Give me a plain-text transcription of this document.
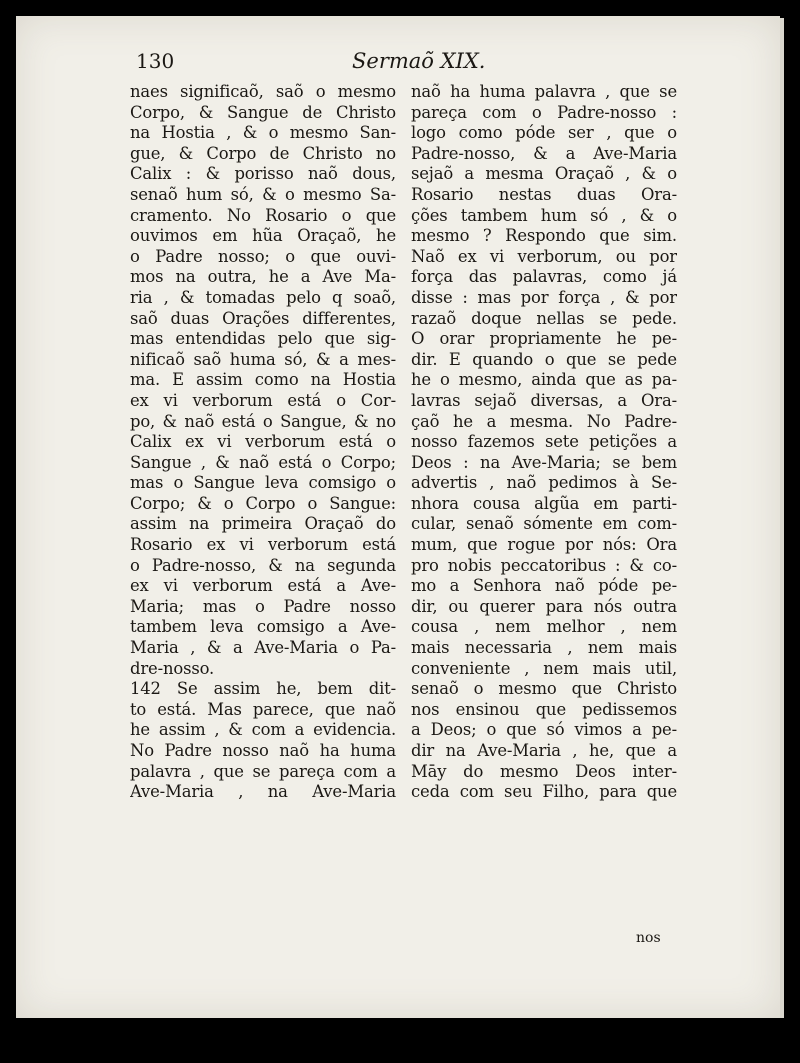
130	Sermaõ XIX.
naes significaõ, saõ o mesmo
Corpo, & Sangue de Christo
na Hostia , & o mesmo San-
gue, & Corpo de Christo no
Calix : & porisso naõ dous,
senaõ hum só, & o mesmo Sa-
cramento. No Rosario o que
ouvimos em hũa Oraçaõ, he
o Padre nosso; o que ouvi-
mos na outra, he a Ave Ma-
ria , & tomadas pelo q soaõ,
saõ duas Orações differentes,
mas entendidas pelo que sig-
nificaõ saõ huma só, & a mes-
ma. E assim como na Hostia
ex vi verborum está o Cor-
po, & naõ está o Sangue, & no
Calix ex vi verborum está o
Sangue , & naõ está o Corpo;
mas o Sangue leva comsigo o
Corpo; & o Corpo o Sangue:
assim na primeira Oraçaõ do
Rosario ex vi verborum está
o Padre-nosso, & na segunda
ex vi verborum está a Ave-
Maria; mas o Padre nosso
tambem leva comsigo a Ave-
Maria , & a Ave-Maria o Pa-
dre-nosso.
142 Se assim he, bem dit-
to está. Mas parece, que naõ
he assim , & com a evidencia.
No Padre nosso naõ ha huma
palavra , que se pareça com a
Ave-Maria , na Ave-Maria
naõ ha huma palavra , que se
pareça com o Padre-nosso :
logo como póde ser , que o
Padre-nosso, & a Ave-Maria
sejaõ a mesma Oraçaõ , & o
Rosario nestas duas Ora-
ções tambem hum só , & o
mesmo ? Respondo que sim.
Naõ ex vi verborum, ou por
força das palavras, como já
disse : mas por força , & por
razaõ doque nellas se pede.
O orar propriamente he pe-
dir. E quando o que se pede
he o mesmo, ainda que as pa-
lavras sejaõ diversas, a Ora-
çaõ he a mesma. No Padre-
nosso fazemos sete petições a
Deos : na Ave-Maria; se bem
advertis , naõ pedimos à Se-
nhora cousa algũa em parti-
cular, senaõ sómente em com-
mum, que rogue por nós: Ora
pro nobis peccatoribus : & co-
mo a Senhora naõ póde pe-
dir, ou querer para nós outra
cousa , nem melhor , nem
mais necessaria , nem mais
conveniente , nem mais util,
senaõ o mesmo que Christo
nos ensinou que pedissemos
a Deos; o que só vimos a pe-
dir na Ave-Maria , he, que a
Māy do mesmo Deos inter-
ceda com seu Filho, para que
nos
